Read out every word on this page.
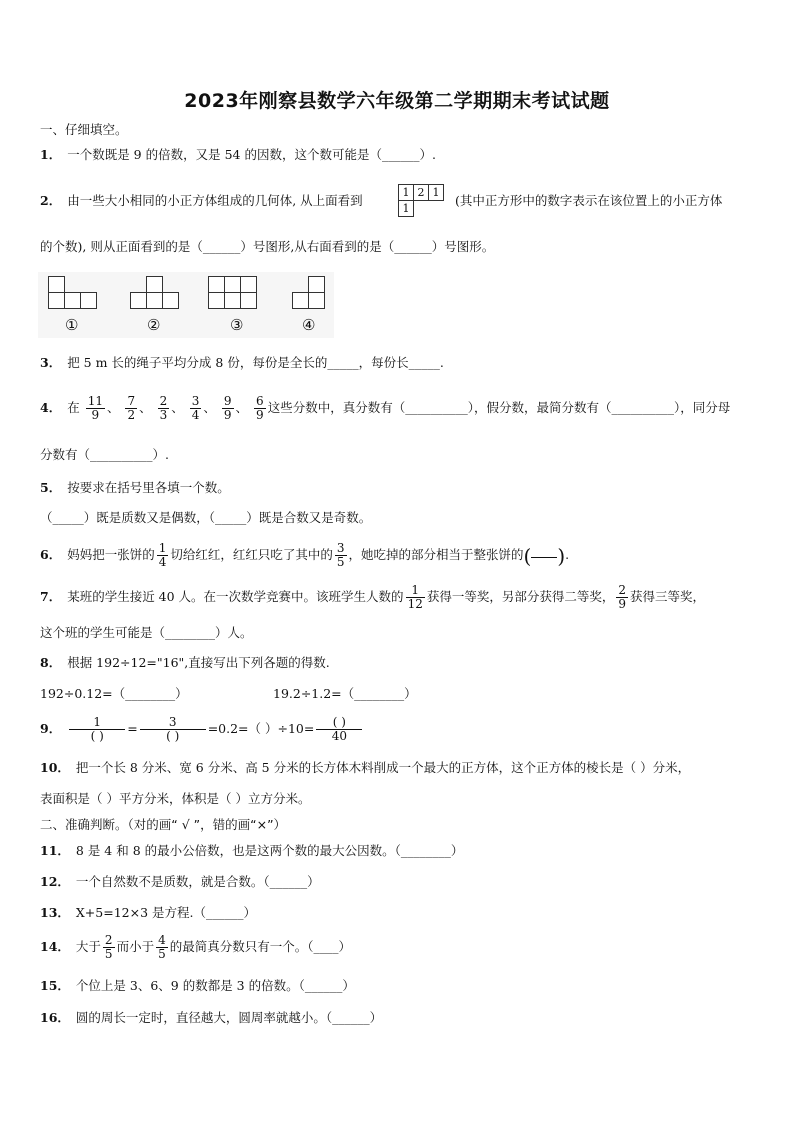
2023年刚察县数学六年级第二学期期末考试试题
一、仔细填空。
1． 一个数既是 9 的倍数，又是 54 的因数，这个数可能是（______）.
2． 由一些大小相同的小正方体组成的几何体, 从上面看到
1	2	1
1		
(其中正方形中的数字表示在该位置上的小正方体
的个数), 则从正面看到的是（______）号图形,从右面看到的是（______）号图形。
①	②	③	④
3． 把 5 m 长的绳子平均分成 8 份，每份是全长的_____，每份长_____.
4． 在 $\frac{11}{9}$ 、 $\frac{7}{2}$ 、 $\frac{2}{3}$ 、 $\frac{3}{4}$ 、 $\frac{9}{9}$ 、 $\frac{6}{9}$ 这些分数中，真分数有（__________），假分数，最简分数有（__________），同分母
分数有（__________）.
5． 按要求在括号里各填一个数。
（_____）既是质数又是偶数，（_____）既是合数又是奇数。
6． 妈妈把一张饼的 $\frac{1}{4}$ 切给红红，红红只吃了其中的 $\frac{3}{5}$ ，她吃掉的部分相当于整张饼的( ).
7． 某班的学生接近 40 人。在一次数学竞赛中。该班学生人数的 $\frac{1}{12}$ 获得一等奖，另部分获得二等奖， $\frac{2}{9}$ 获得三等奖，
这个班的学生可能是（________）人。
8． 根据 192÷12="16",直接写出下列各题的得数.
192÷0.12=（________）	19.2÷1.2=（________）
9． $\frac{1}{( )} = \frac{3}{( )} =0.2=$（ ）$\div 10= \frac{( )}{40}$
10． 把一个长 8 分米、宽 6 分米、高 5 分米的长方体木料削成一个最大的正方体，这个正方体的棱长是（ ）分米，
表面积是（ ）平方分米，体积是（ ）立方分米。
二、准确判断。（对的画“ √ ”，错的画“×”）
11． 8 是 4 和 8 的最小公倍数，也是这两个数的最大公因数。（________）
12． 一个自然数不是质数，就是合数。（______）
13． X+5=12×3 是方程.（______）
14． 大于 $\frac{2}{5}$ 而小于 $\frac{4}{5}$ 的最简真分数只有一个。（____）
15． 个位上是 3、6、9 的数都是 3 的倍数。（______）
16． 圆的周长一定时，直径越大，圆周率就越小。（______）
